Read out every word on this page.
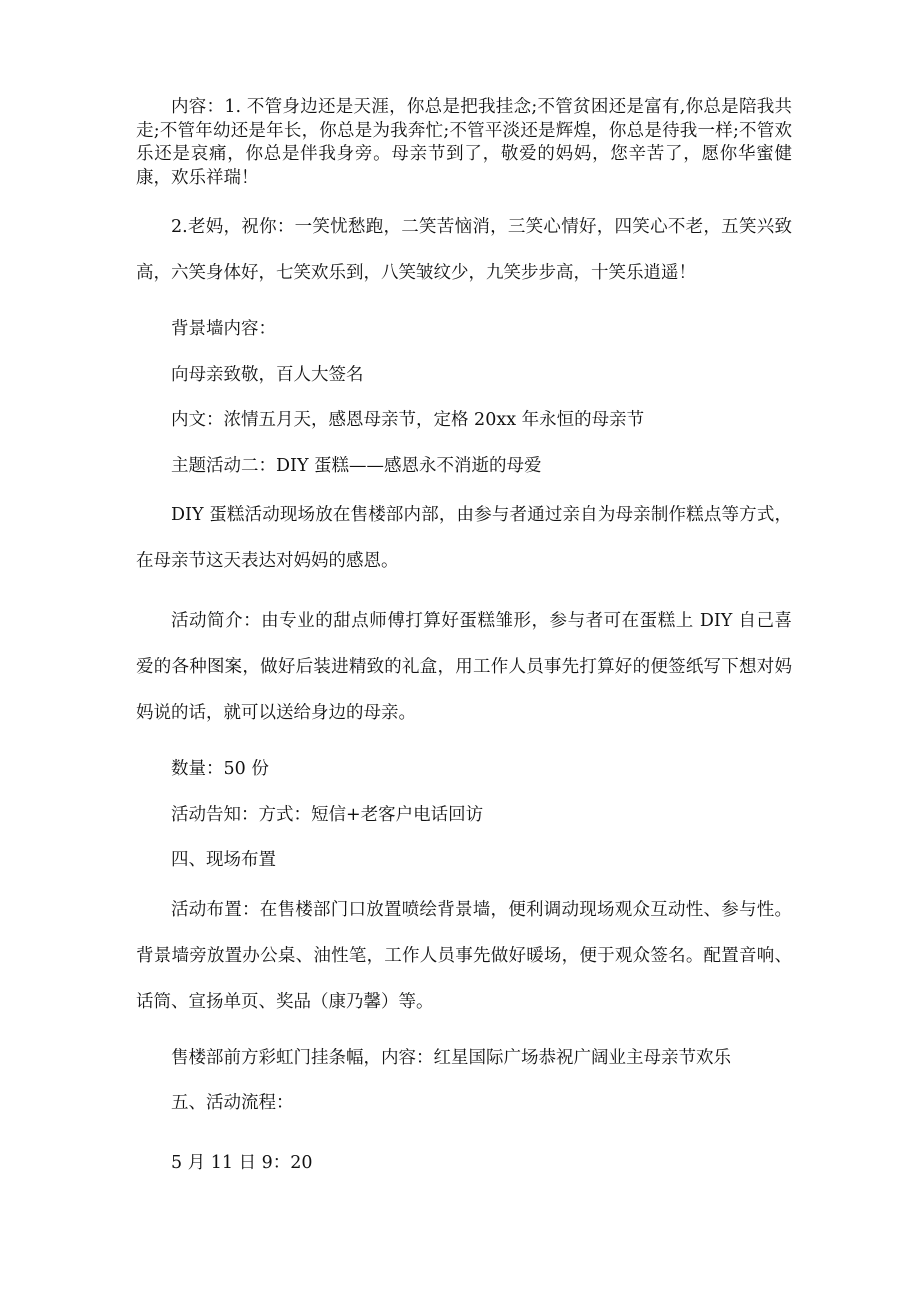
内容：1. 不管身边还是天涯，你总是把我挂念;不管贫困还是富有,你总是陪我共走;不管年幼还是年长，你总是为我奔忙;不管平淡还是辉煌，你总是待我一样;不管欢乐还是哀痛，你总是伴我身旁。母亲节到了，敬爱的妈妈，您辛苦了，愿你华蜜健康，欢乐祥瑞！

2.老妈，祝你：一笑忧愁跑，二笑苦恼消，三笑心情好，四笑心不老，五笑兴致高，六笑身体好，七笑欢乐到，八笑皱纹少，九笑步步高，十笑乐逍遥！

背景墙内容：

向母亲致敬，百人大签名

内文：浓情五月天，感恩母亲节，定格 20xx 年永恒的母亲节

主题活动二：DIY 蛋糕——感恩永不消逝的母爱

DIY 蛋糕活动现场放在售楼部内部，由参与者通过亲自为母亲制作糕点等方式，在母亲节这天表达对妈妈的感恩。

活动简介：由专业的甜点师傅打算好蛋糕雏形，参与者可在蛋糕上 DIY 自己喜爱的各种图案，做好后装进精致的礼盒，用工作人员事先打算好的便签纸写下想对妈妈说的话，就可以送给身边的母亲。

数量：50 份

活动告知：方式：短信+老客户电话回访

四、现场布置

活动布置：在售楼部门口放置喷绘背景墙，便利调动现场观众互动性、参与性。背景墙旁放置办公桌、油性笔，工作人员事先做好暖场，便于观众签名。配置音响、话筒、宣扬单页、奖品（康乃馨）等。

售楼部前方彩虹门挂条幅，内容：红星国际广场恭祝广阔业主母亲节欢乐

五、活动流程：

5 月 11 日 9：20
